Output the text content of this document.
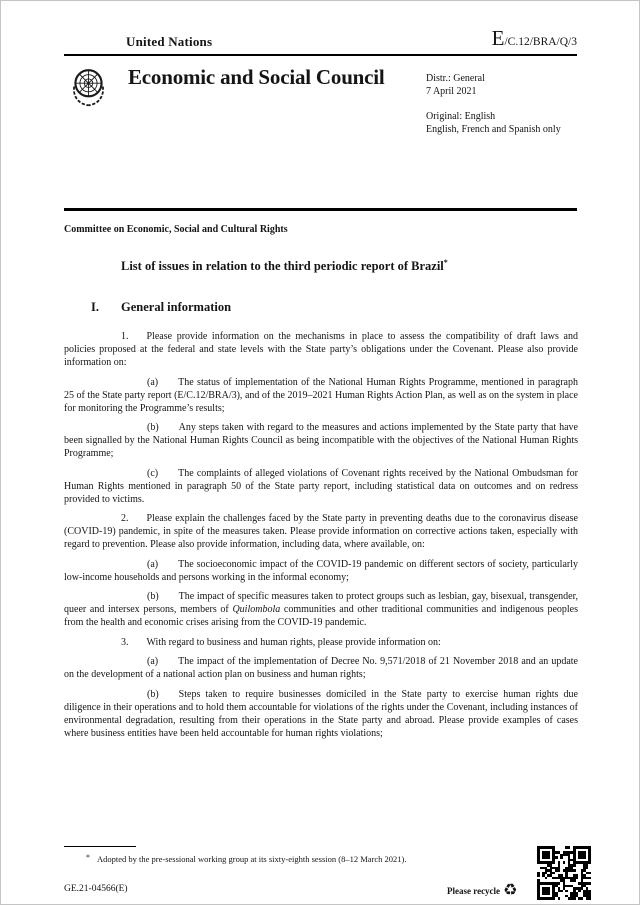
United Nations	E/C.12/BRA/Q/3
Economic and Social Council	Distr.: General
7 April 2021
Original: English
English, French and Spanish only
Committee on Economic, Social and Cultural Rights
List of issues in relation to the third periodic report of Brazil*
I. General information

1. Please provide information on the mechanisms in place to assess the compatibility of draft laws and policies proposed at the federal and state levels with the State party’s obligations under the Covenant. Please also provide information on:

(a) The status of implementation of the National Human Rights Programme, mentioned in paragraph 25 of the State party report (E/C.12/BRA/3), and of the 2019–2021 Human Rights Action Plan, as well as on the system in place for monitoring the Programme’s results;

(b) Any steps taken with regard to the measures and actions implemented by the State party that have been signalled by the National Human Rights Council as being incompatible with the objectives of the National Human Rights Programme;

(c) The complaints of alleged violations of Covenant rights received by the National Ombudsman for Human Rights mentioned in paragraph 50 of the State party report, including statistical data on outcomes and on redress provided to victims.

2. Please explain the challenges faced by the State party in preventing deaths due to the coronavirus disease (COVID-19) pandemic, in spite of the measures taken. Please provide information on corrective actions taken, especially with regard to prevention. Please also provide information, including data, where available, on:

(a) The socioeconomic impact of the COVID-19 pandemic on different sectors of society, particularly low-income households and persons working in the informal economy;

(b) The impact of specific measures taken to protect groups such as lesbian, gay, bisexual, transgender, queer and intersex persons, members of Quilombola communities and other traditional communities and indigenous peoples from the health and economic crises arising from the COVID-19 pandemic.

3. With regard to business and human rights, please provide information on:

(a) The impact of the implementation of Decree No. 9,571/2018 of 21 November 2018 and an update on the development of a national action plan on business and human rights;

(b) Steps taken to require businesses domiciled in the State party to exercise human rights due diligence in their operations and to hold them accountable for violations of the rights under the Covenant, including instances of environmental degradation, resulting from their operations in the State party and abroad. Please provide examples of cases where business entities have been held accountable for human rights violations;

* Adopted by the pre-sessional working group at its sixty-eighth session (8–12 March 2021).
GE.21-04566(E)	Please recycle ♻
